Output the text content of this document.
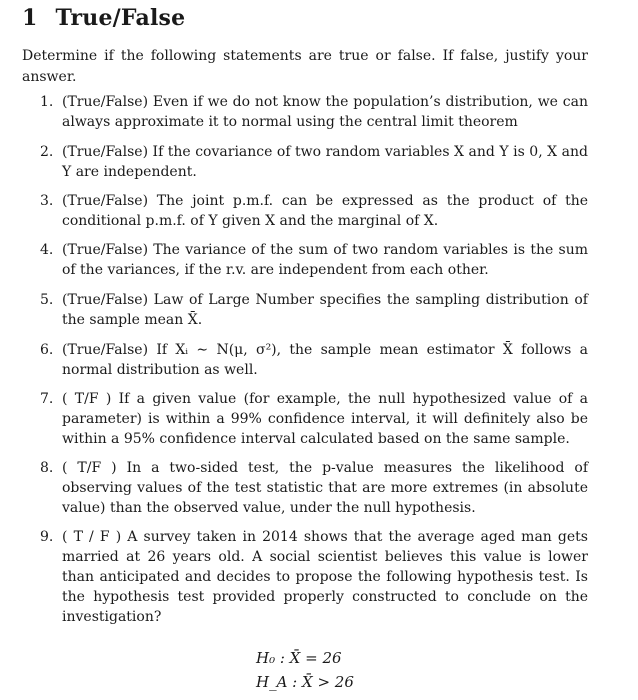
1 True/False
Determine if the following statements are true or false. If false, justify your answer.
1. (True/False) Even if we do not know the population’s distribution, we can always approximate it to normal using the central limit theorem
2. (True/False) If the covariance of two random variables X and Y is 0, X and Y are independent.
3. (True/False) The joint p.m.f. can be expressed as the product of the conditional p.m.f. of Y given X and the marginal of X.
4. (True/False) The variance of the sum of two random variables is the sum of the variances, if the r.v. are independent from each other.
5. (True/False) Law of Large Number specifies the sampling distribution of the sample mean X̄.
6. (True/False) If Xᵢ ∼ N(μ, σ²), the sample mean estimator X̄ follows a normal distribution as well.
7. ( T/F ) If a given value (for example, the null hypothesized value of a parameter) is within a 99% confidence interval, it will definitely also be within a 95% confidence interval calculated based on the same sample.
8. ( T/F ) In a two-sided test, the p-value measures the likelihood of observing values of the test statistic that are more extremes (in absolute value) than the observed value, under the null hypothesis.
9. ( T / F ) A survey taken in 2014 shows that the average aged man gets married at 26 years old. A social scientist believes this value is lower than anticipated and decides to propose the following hypothesis test. Is the hypothesis test provided properly constructed to conclude on the investigation?
H₀ : X̄ = 26
H_A : X̄ > 26
